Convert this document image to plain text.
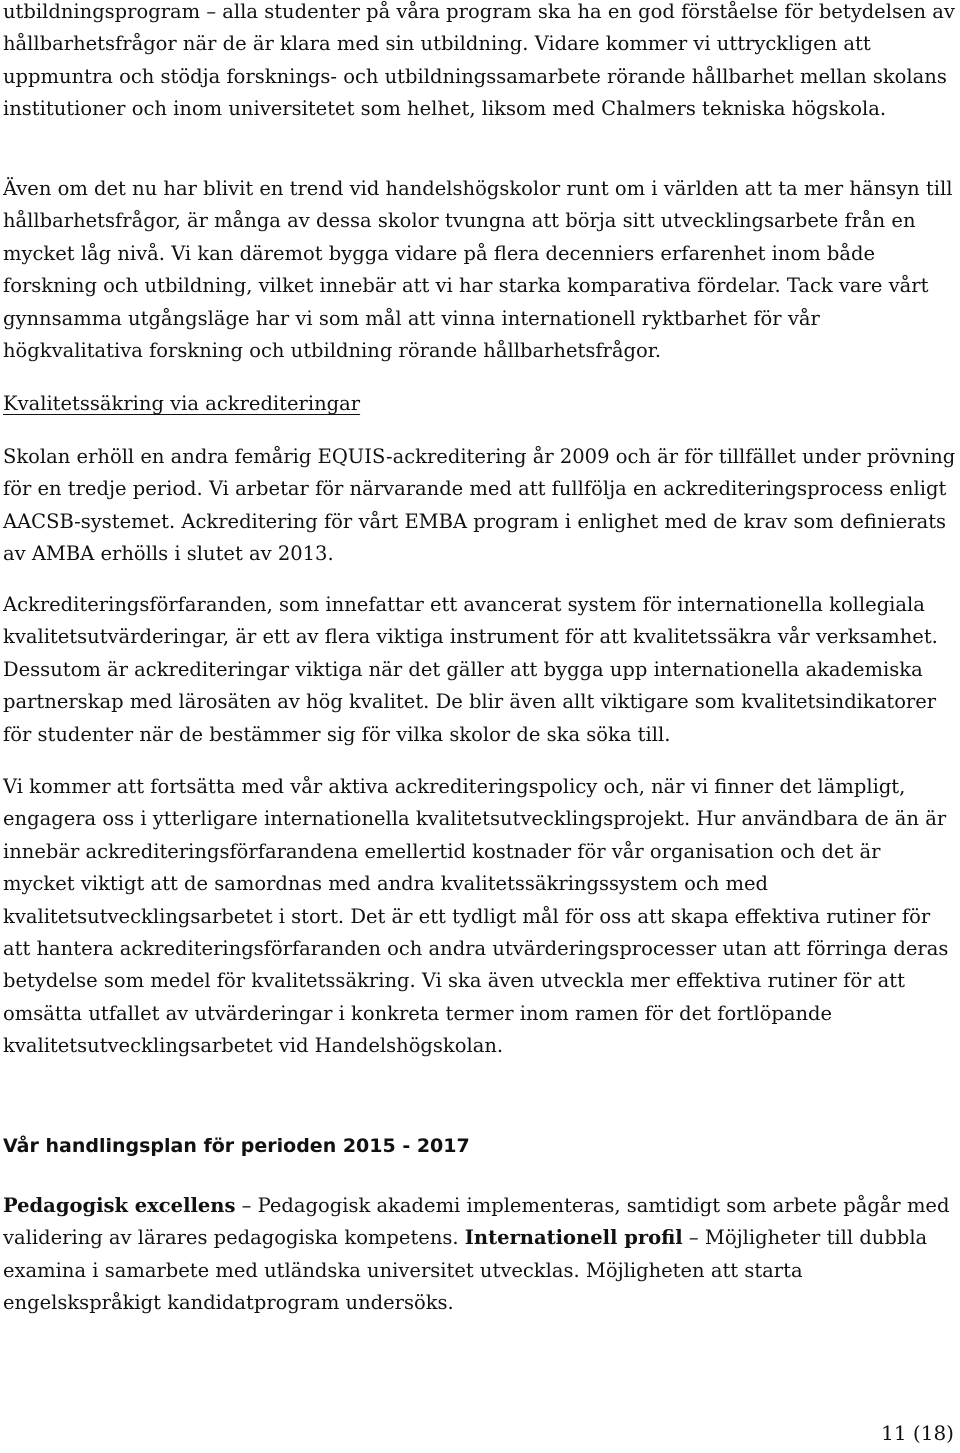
utbildningsprogram – alla studenter på våra program ska ha en god förståelse för betydelsen av hållbarhetsfrågor när de är klara med sin utbildning. Vidare kommer vi uttryckligen att uppmuntra och stödja forsknings- och utbildningssamarbete rörande hållbarhet mellan skolans institutioner och inom universitetet som helhet, liksom med Chalmers tekniska högskola.

Även om det nu har blivit en trend vid handelshögskolor runt om i världen att ta mer hänsyn till hållbarhetsfrågor, är många av dessa skolor tvungna att börja sitt utvecklingsarbete från en mycket låg nivå. Vi kan däremot bygga vidare på flera decenniers erfarenhet inom både forskning och utbildning, vilket innebär att vi har starka komparativa fördelar. Tack vare vårt gynnsamma utgångsläge har vi som mål att vinna internationell ryktbarhet för vår högkvalitativa forskning och utbildning rörande hållbarhetsfrågor.

Kvalitetssäkring via ackrediteringar

Skolan erhöll en andra femårig EQUIS-ackreditering år 2009 och är för tillfället under prövning för en tredje period. Vi arbetar för närvarande med att fullfölja en ackrediteringsprocess enligt AACSB-systemet. Ackreditering för vårt EMBA program i enlighet med de krav som definierats av AMBA erhölls i slutet av 2013.

Ackrediteringsförfaranden, som innefattar ett avancerat system för internationella kollegiala kvalitetsutvärderingar, är ett av flera viktiga instrument för att kvalitetssäkra vår verksamhet. Dessutom är ackrediteringar viktiga när det gäller att bygga upp internationella akademiska partnerskap med lärosäten av hög kvalitet. De blir även allt viktigare som kvalitetsindikatorer för studenter när de bestämmer sig för vilka skolor de ska söka till.

Vi kommer att fortsätta med vår aktiva ackrediteringspolicy och, när vi finner det lämpligt, engagera oss i ytterligare internationella kvalitetsutvecklingsprojekt. Hur användbara de än är innebär ackrediteringsförfarandena emellertid kostnader för vår organisation och det är mycket viktigt att de samordnas med andra kvalitetssäkringssystem och med kvalitetsutvecklingsarbetet i stort. Det är ett tydligt mål för oss att skapa effektiva rutiner för att hantera ackrediteringsförfaranden och andra utvärderingsprocesser utan att förringa deras betydelse som medel för kvalitetssäkring. Vi ska även utveckla mer effektiva rutiner för att omsätta utfallet av utvärderingar i konkreta termer inom ramen för det fortlöpande kvalitetsutvecklingsarbetet vid Handelshögskolan.

Vår handlingsplan för perioden 2015 - 2017

Pedagogisk excellens – Pedagogisk akademi implementeras, samtidigt som arbete pågår med validering av lärares pedagogiska kompetens. Internationell profil – Möjligheter till dubbla examina i samarbete med utländska universitet utvecklas. Möjligheten att starta engelskspråkigt kandidatprogram undersöks.

11 (18)
